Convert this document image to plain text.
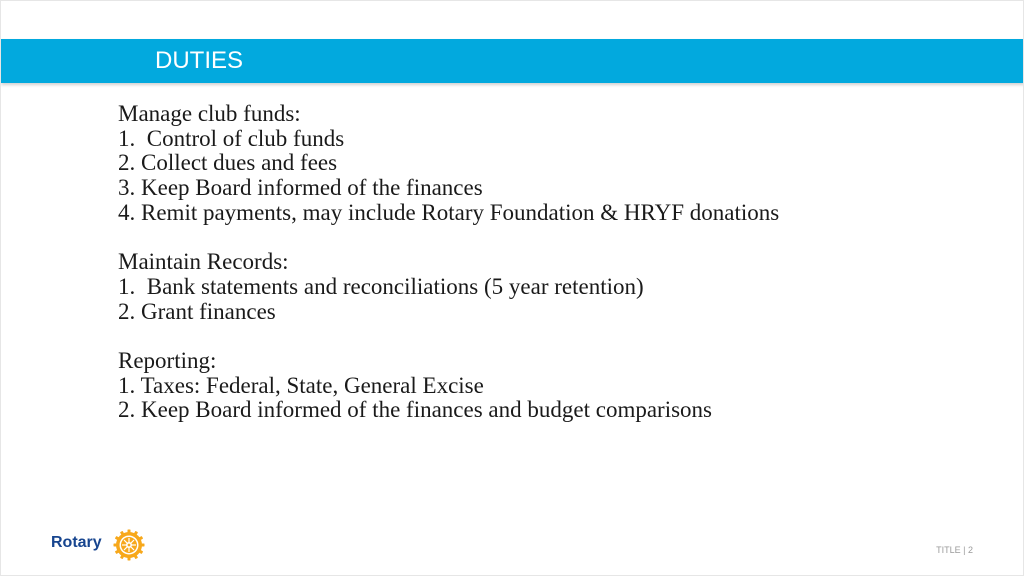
DUTIES

Manage club funds:

1.  Control of club funds

2. Collect dues and fees

3. Keep Board informed of the finances

4. Remit payments, may include Rotary Foundation & HRYF donations

Maintain Records:

1.  Bank statements and reconciliations (5 year retention)

2. Grant finances

Reporting:

1. Taxes: Federal, State, General Excise

2. Keep Board informed of the finances and budget comparisons

Rotary	TITLE | 2
